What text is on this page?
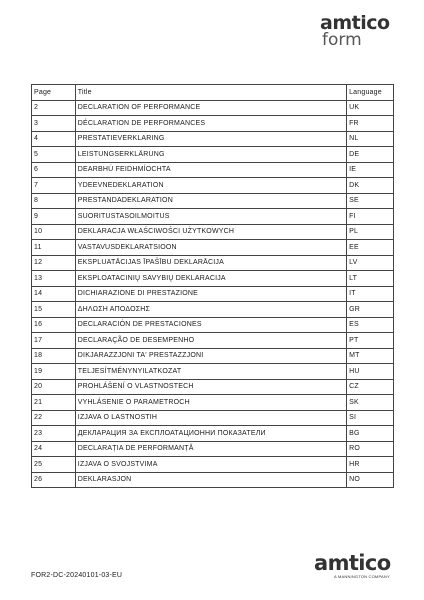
amtico
form
Page	Title	Language
2	DECLARATION OF PERFORMANCE	UK
3	DÉCLARATION DE PERFORMANCES	FR
4	PRESTATIEVERKLARING	NL
5	LEISTUNGSERKLÄRUNG	DE
6	DEARBHÚ FEIDHMÍOCHTA	IE
7	YDEEVNEDEKLARATION	DK
8	PRESTANDADEKLARATION	SE
9	SUORITUSTASOILMOITUS	FI
10	DEKLARACJA WŁAŚCIWOŚCI UŻYTKOWYCH	PL
11	VASTAVUSDEKLARATSIOON	EE
12	EKSPLUATĀCIJAS ĪPAŠĪBU DEKLARĀCIJA	LV
13	EKSPLOATACINIŲ SAVYBIŲ DEKLARACIJA	LT
14	DICHIARAZIONE DI PRESTAZIONE	IT
15	ΔΗΛΩΣΗ ΑΠΟΔΟΣΗΣ	GR
16	DECLARACIÓN DE PRESTACIONES	ES
17	DECLARAÇÃO DE DESEMPENHO	PT
18	DIKJARAZZJONI TA' PRESTAZZJONI	MT
19	TELJESÍTMÉNYNYILATKOZAT	HU
20	PROHLÁŠENÍ O VLASTNOSTECH	CZ
21	VYHLÁSENIE O PARAMETROCH	SK
22	IZJAVA O LASTNOSTIH	SI
23	ДЕКЛАРАЦИЯ ЗА ЕКСПЛОАТАЦИОННИ ПОКАЗАТЕЛИ	BG
24	DECLARAȚIA DE PERFORMANȚĂ	RO
25	IZJAVA O SVOJSTVIMA	HR
26	DEKLARASJON	NO
FOR2-DC-20240101-03-EU
amtico
A MANNINGTON COMPANY
